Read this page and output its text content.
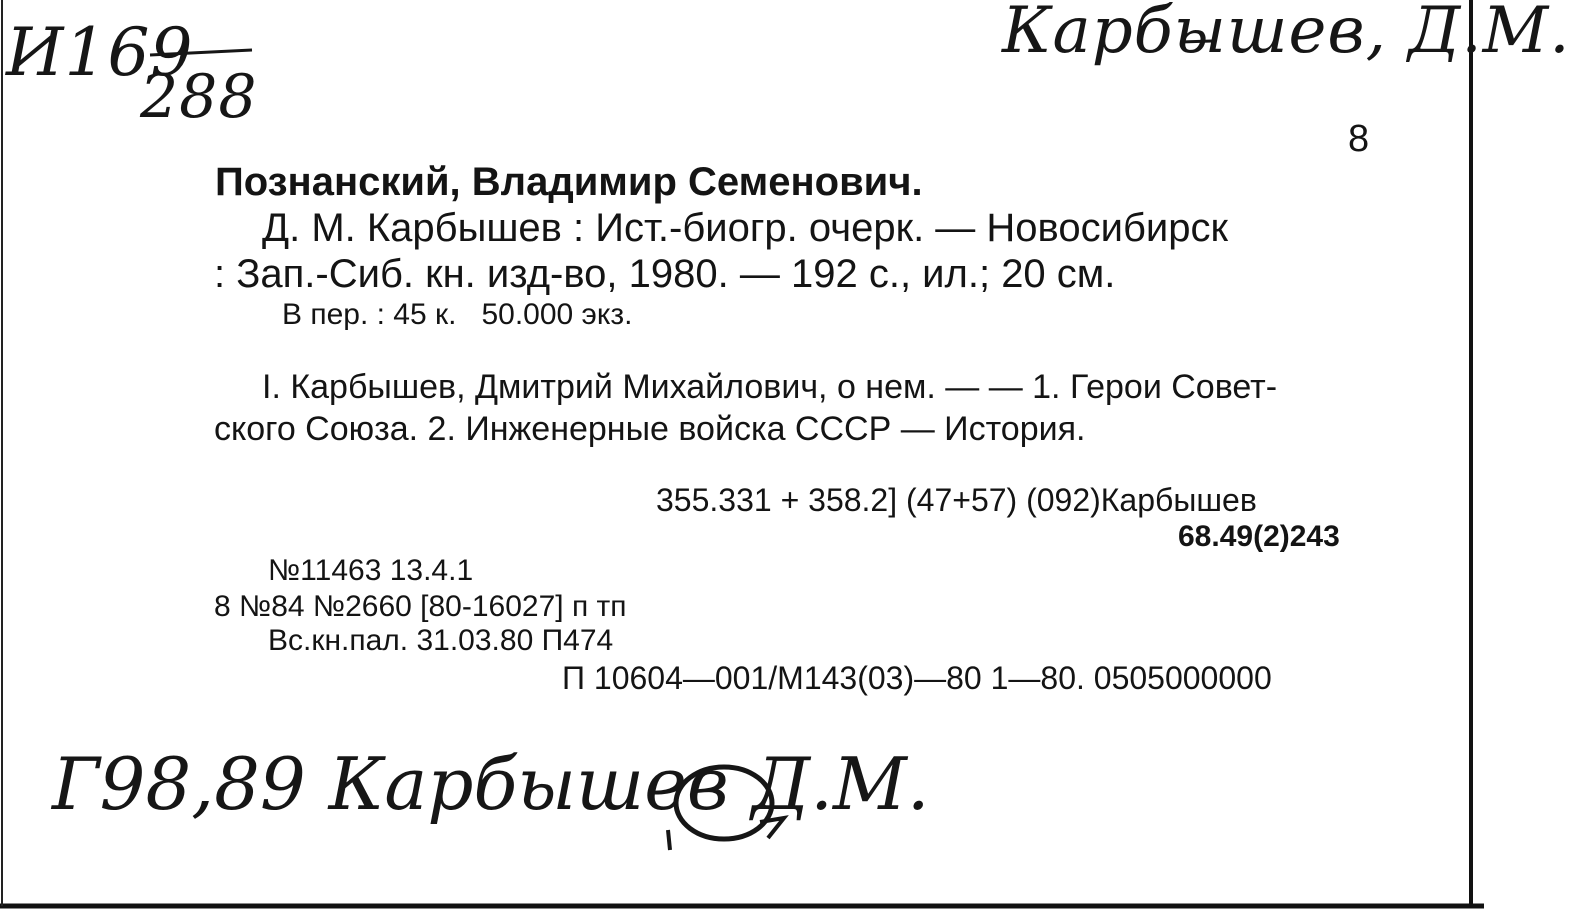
И169
288
Карбышев, Д.М.
Г98,89 Карбышев Д.М.
8
Познанский, Владимир Семенович.
Д. М. Карбышев : Ист.-биогр. очерк. — Новосибирск
: Зап.-Сиб. кн. изд-во, 1980. — 192 с., ил.; 20 см.
В пер. : 45 к.   50.000 экз.
I. Карбышев, Дмитрий Михайлович, о нем. — — 1. Герои Совет-
ского Союза. 2. Инженерные войска СССР — История.
355.331 + 358.2] (47+57) (092)Карбышев
68.49(2)243
№11463 13.4.1
8 №84 №2660 [80-16027] п тп
Вс.кн.пал. 31.03.80 П474
П 10604—001/М143(03)—80 1—80. 0505000000
